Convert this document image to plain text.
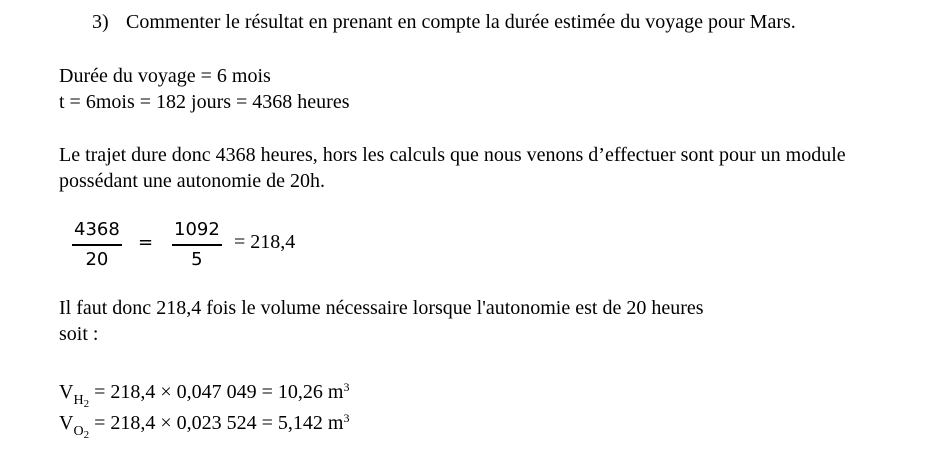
3) Commenter le résultat en prenant en compte la durée estimée du voyage pour Mars.
Durée du voyage = 6 mois
t = 6mois = 182 jours = 4368 heures
Le trajet dure donc 4368 heures, hors les calculs que nous venons d’effectuer sont pour un module
possédant une autonomie de 20h.
4368
20
=
1092
5
= 218,4
Il faut donc 218,4 fois le volume nécessaire lorsque l'autonomie est de 20 heures
soit :
$V_{H_2} = 218,4 \times 0,047$ 049 = 10,26 $m^3$
$V_{O_2} = 218,4 \times 0,023$ 524 = 5,142 $m^3$
